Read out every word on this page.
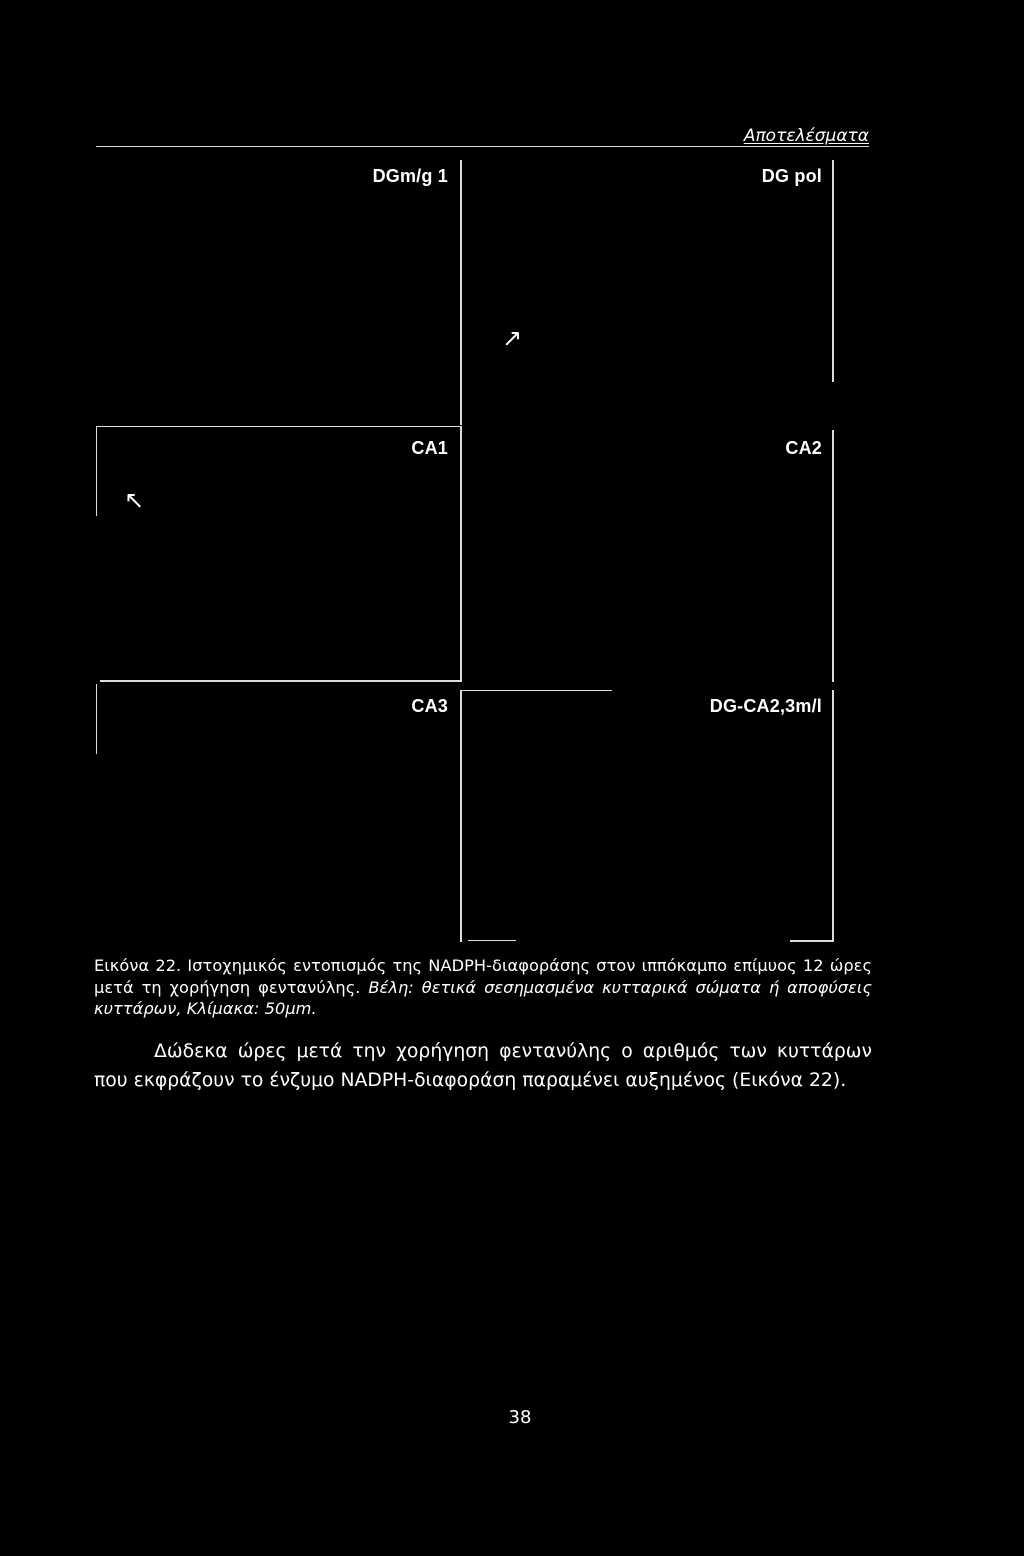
Αποτελέσματα
DGm/g 1	DG pol
↗
CA1
↖
CA2
CA3	DG-CA2,3m/l
Εικόνα 22. Ιστοχημικός εντοπισμός της NADPH-διαφοράσης στον ιππόκαμπο επίμυος 12 ώρες μετά τη χορήγηση φεντανύλης. Βέλη: θετικά σεσημασμένα κυτταρικά σώματα ή αποφύσεις κυττάρων, Κλίμακα: 50μm.
Δώδεκα ώρες μετά την χορήγηση φεντανύλης ο αριθμός των κυττάρων που εκφράζουν το ένζυμο NADPH-διαφοράση παραμένει αυξημένος (Εικόνα 22).
38
